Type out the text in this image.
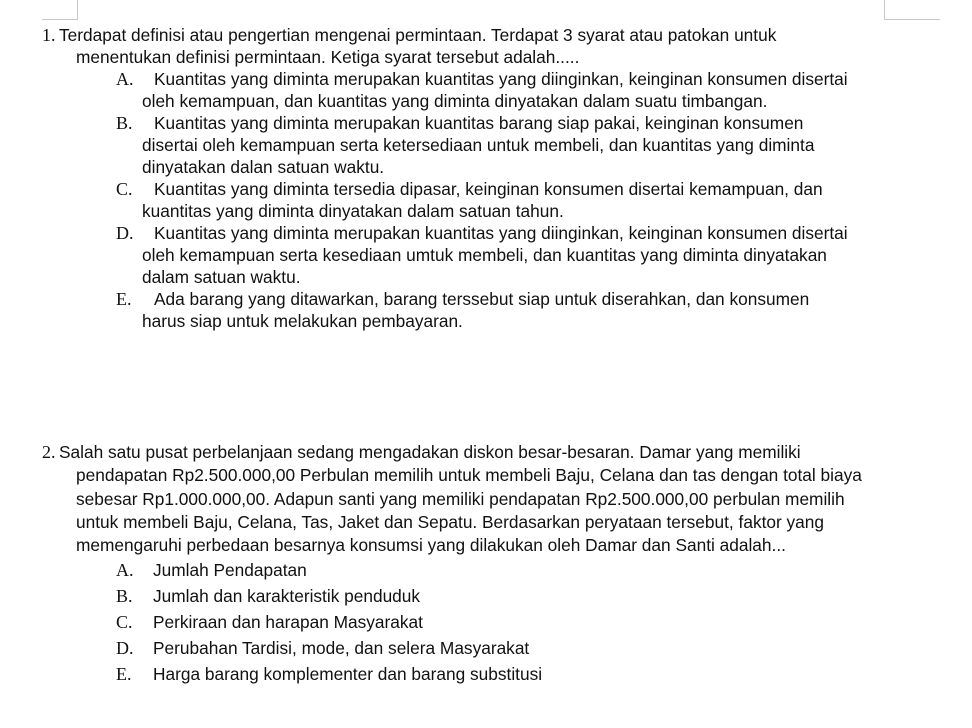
1. Terdapat definisi atau pengertian mengenai permintaan. Terdapat 3 syarat atau patokan untuk menentukan definisi permintaan. Ketiga syarat tersebut adalah.....
A.	Kuantitas yang diminta merupakan kuantitas yang diinginkan, keinginan konsumen disertai oleh kemampuan, dan kuantitas yang diminta dinyatakan dalam suatu timbangan.
B.	Kuantitas yang diminta merupakan kuantitas barang siap pakai, keinginan konsumen disertai oleh kemampuan serta ketersediaan untuk membeli, dan kuantitas yang diminta dinyatakan dalan satuan waktu.
C.	Kuantitas yang diminta tersedia dipasar, keinginan konsumen disertai kemampuan, dan kuantitas yang diminta dinyatakan dalam satuan tahun.
D.	Kuantitas yang diminta merupakan kuantitas yang diinginkan, keinginan konsumen disertai oleh kemampuan serta kesediaan umtuk membeli, dan kuantitas yang diminta dinyatakan dalam satuan waktu.
E.	Ada barang yang ditawarkan, barang terssebut siap untuk diserahkan, dan konsumen harus siap untuk melakukan pembayaran.
2. Salah satu pusat perbelanjaan sedang mengadakan diskon besar-besaran. Damar yang memiliki pendapatan Rp2.500.000,00 Perbulan memilih untuk membeli Baju, Celana dan tas dengan total biaya sebesar Rp1.000.000,00. Adapun santi yang memiliki pendapatan Rp2.500.000,00 perbulan memilih untuk membeli Baju, Celana, Tas, Jaket dan Sepatu. Berdasarkan peryataan tersebut, faktor yang memengaruhi perbedaan besarnya konsumsi yang dilakukan oleh Damar dan Santi adalah...
A. Jumlah Pendapatan
B. Jumlah dan karakteristik penduduk
C. Perkiraan dan harapan Masyarakat
D. Perubahan Tardisi, mode, dan selera Masyarakat
E. Harga barang komplementer dan barang substitusi
